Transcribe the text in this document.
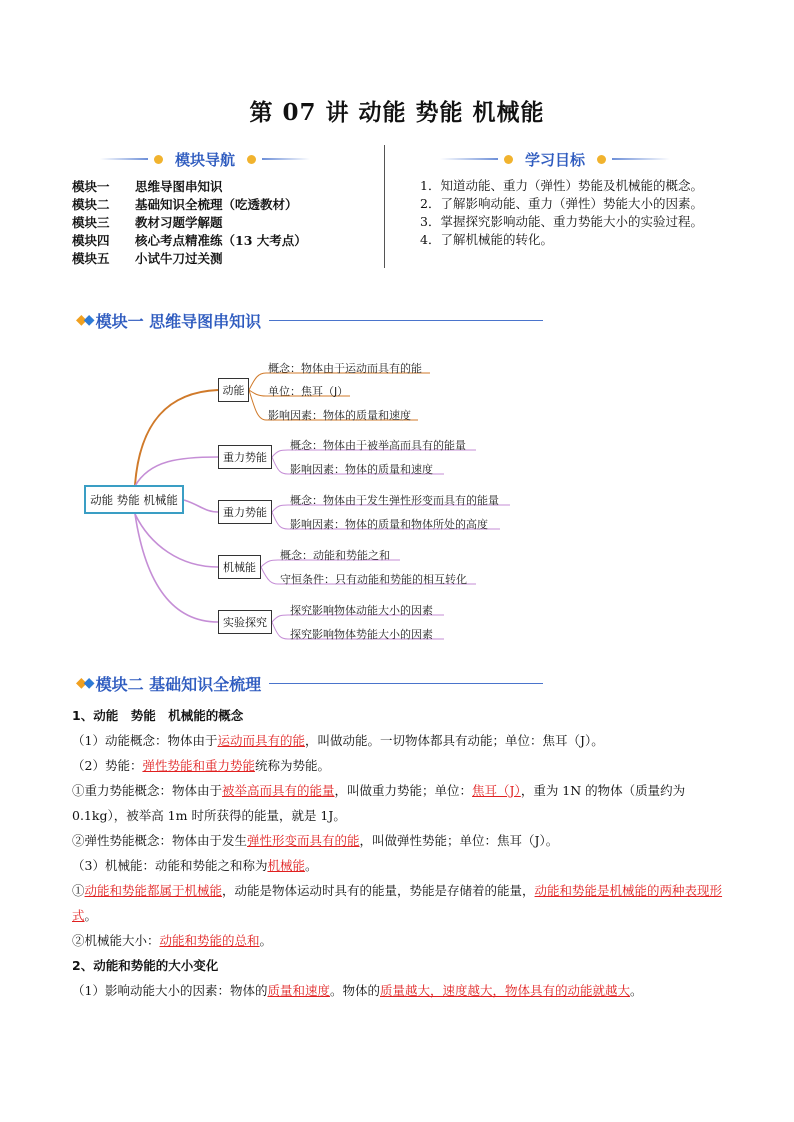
第 07 讲 动能 势能 机械能
模块导航	学习目标
模块一	思维导图串知识
模块二	基础知识全梳理（吃透教材）
模块三	教材习题学解题
模块四	核心考点精准练（13 大考点）
模块五	小试牛刀过关测
1．知道动能、重力（弹性）势能及机械能的概念。
2．了解影响动能、重力（弹性）势能大小的因素。
3．掌握探究影响动能、重力势能大小的实验过程。
4．了解机械能的转化。
◆◆ 模块一 思维导图串知识
动能 势能 机械能
动能
概念：物体由于运动而具有的能
单位：焦耳（J）
影响因素：物体的质量和速度
重力势能
概念：物体由于被举高而具有的能量
影响因素：物体的质量和速度
重力势能
概念：物体由于发生弹性形变而具有的能量
影响因素：物体的质量和物体所处的高度
机械能
概念：动能和势能之和
守恒条件：只有动能和势能的相互转化
实验探究
探究影响物体动能大小的因素
探究影响物体势能大小的因素
◆◆ 模块二 基础知识全梳理

1、动能　势能　机械能的概念

（1）动能概念：物体由于运动而具有的能，叫做动能。一切物体都具有动能；单位：焦耳（J）。

（2）势能：弹性势能和重力势能统称为势能。

①重力势能概念：物体由于被举高而具有的能量，叫做重力势能；单位：焦耳（J），重为 1N 的物体（质量约为 0.1kg），被举高 1m 时所获得的能量，就是 1J。

②弹性势能概念：物体由于发生弹性形变而具有的能，叫做弹性势能；单位：焦耳（J）。

（3）机械能：动能和势能之和称为机械能。

①动能和势能都属于机械能，动能是物体运动时具有的能量，势能是存储着的能量，动能和势能是机械能的两种表现形式。

②机械能大小：动能和势能的总和。

2、动能和势能的大小变化

（1）影响动能大小的因素：物体的质量和速度。物体的质量越大，速度越大，物体具有的动能就越大。
